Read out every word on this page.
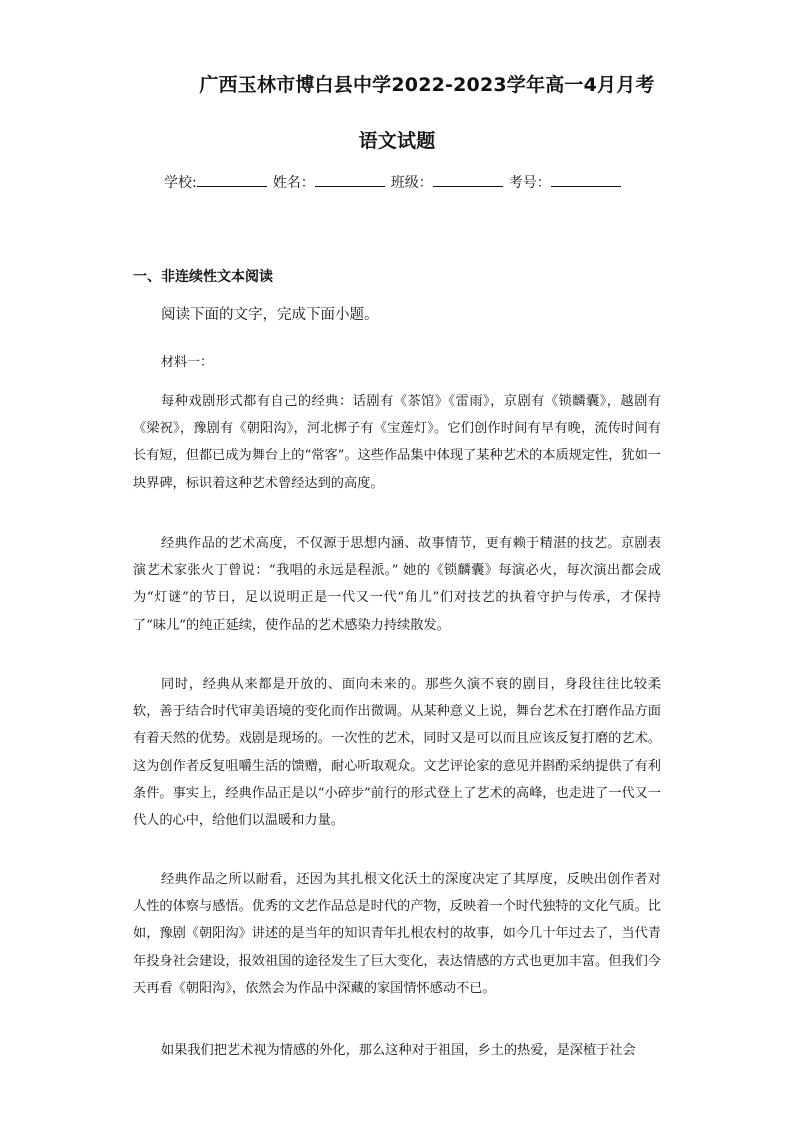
广西玉林市博白县中学2022-2023学年高一4月月考
语文试题
学校:	姓名：	班级：	考号：
一、非连续性文本阅读
阅读下面的文字，完成下面小题。
材料一：

每种戏剧形式都有自己的经典：话剧有《茶馆》《雷雨》，京剧有《锁麟囊》，越剧有《梁祝》，豫剧有《朝阳沟》，河北梆子有《宝莲灯》。它们创作时间有早有晚，流传时间有长有短，但都已成为舞台上的“常客”。这些作品集中体现了某种艺术的本质规定性，犹如一块界碑，标识着这种艺术曾经达到的高度。

经典作品的艺术高度，不仅源于思想内涵、故事情节，更有赖于精湛的技艺。京剧表演艺术家张火丁曾说：“我唱的永远是程派。” 她的《锁麟囊》每演必火，每次演出都会成为“灯谜”的节日，足以说明正是一代又一代“角儿”们对技艺的执着守护与传承，才保持了“味儿”的纯正延续，使作品的艺术感染力持续散发。

同时，经典从来都是开放的、面向未来的。那些久演不衰的剧目，身段往往比较柔软，善于结合时代审美语境的变化而作出微调。从某种意义上说，舞台艺术在打磨作品方面有着天然的优势。戏剧是现场的。一次性的艺术，同时又是可以而且应该反复打磨的艺术。这为创作者反复咀嚼生活的馈赠，耐心听取观众。文艺评论家的意见并斟酌采纳提供了有利条件。事实上，经典作品正是以“小碎步”前行的形式登上了艺术的高峰，也走进了一代又一代人的心中，给他们以温暖和力量。

经典作品之所以耐看，还因为其扎根文化沃土的深度决定了其厚度，反映出创作者对人性的体察与感悟。优秀的文艺作品总是时代的产物，反映着一个时代独特的文化气质。比如，豫剧《朝阳沟》讲述的是当年的知识青年扎根农村的故事，如今几十年过去了，当代青年投身社会建设，报效祖国的途径发生了巨大变化，表达情感的方式也更加丰富。但我们今天再看《朝阳沟》，依然会为作品中深藏的家国情怀感动不已。

如果我们把艺术视为情感的外化，那么这种对于祖国，乡土的热爱，是深植于社会
